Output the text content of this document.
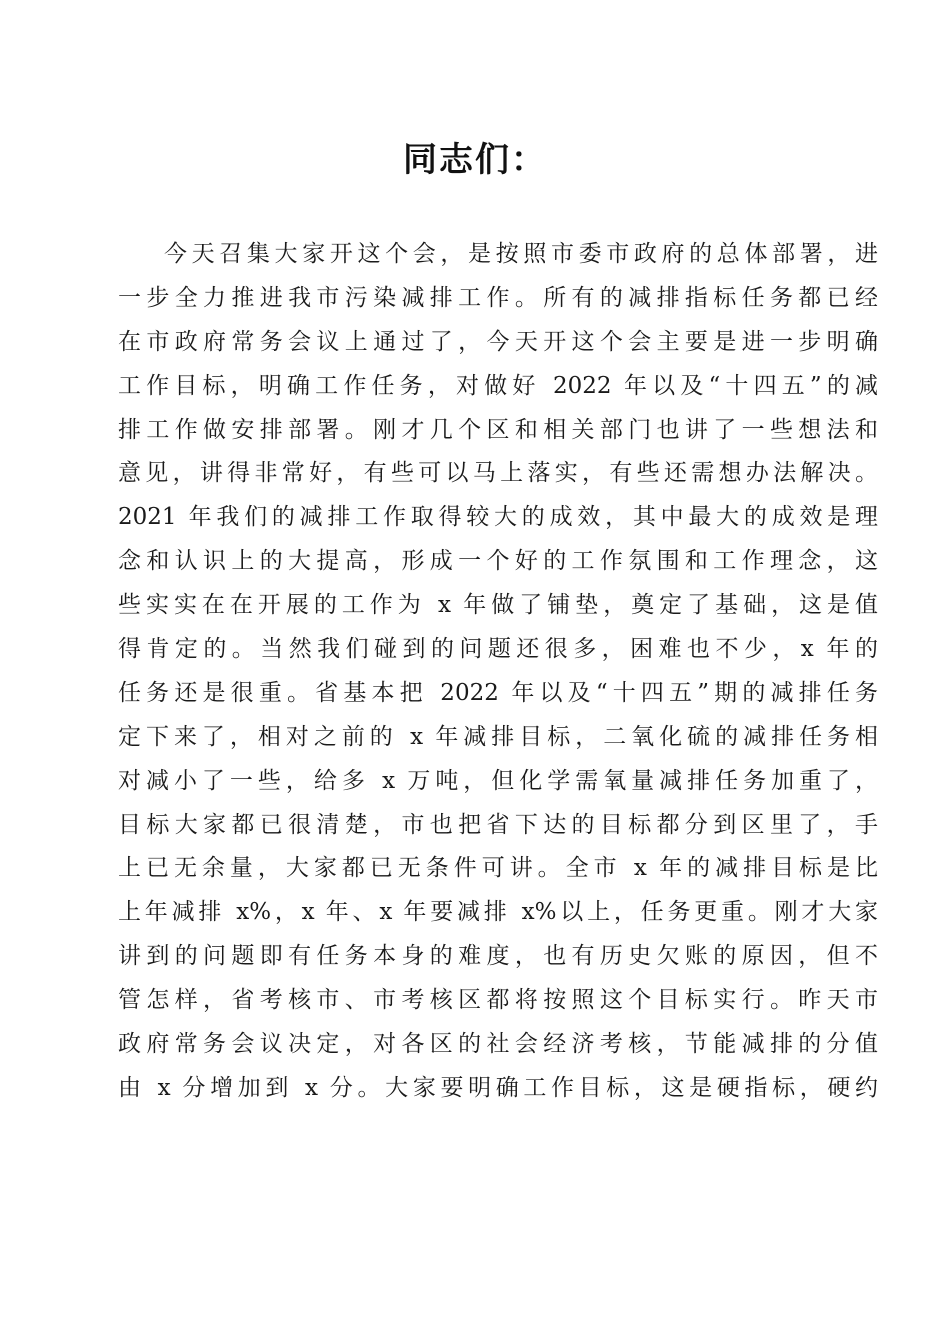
同志们：
今天召集大家开这个会，是按照市委市政府的总体部署，进
一步全力推进我市污染减排工作。所有的减排指标任务都已经
在市政府常务会议上通过了，今天开这个会主要是进一步明确
工作目标，明确工作任务，对做好 2022 年以及“十四五”的减
排工作做安排部署。刚才几个区和相关部门也讲了一些想法和
意见，讲得非常好，有些可以马上落实，有些还需想办法解决。
2021 年我们的减排工作取得较大的成效，其中最大的成效是理
念和认识上的大提高，形成一个好的工作氛围和工作理念，这
些实实在在开展的工作为 x 年做了铺垫，奠定了基础，这是值
得肯定的。当然我们碰到的问题还很多，困难也不少，x 年的
任务还是很重。省基本把 2022 年以及“十四五”期的减排任务
定下来了，相对之前的 x 年减排目标，二氧化硫的减排任务相
对减小了一些，给多 x 万吨，但化学需氧量减排任务加重了，
目标大家都已很清楚，市也把省下达的目标都分到区里了，手
上已无余量，大家都已无条件可讲。全市 x 年的减排目标是比
上年减排 x%，x 年、x 年要减排 x%以上，任务更重。刚才大家
讲到的问题即有任务本身的难度，也有历史欠账的原因，但不
管怎样，省考核市、市考核区都将按照这个目标实行。昨天市
政府常务会议决定，对各区的社会经济考核，节能减排的分值
由 x 分增加到 x 分。大家要明确工作目标，这是硬指标，硬约
